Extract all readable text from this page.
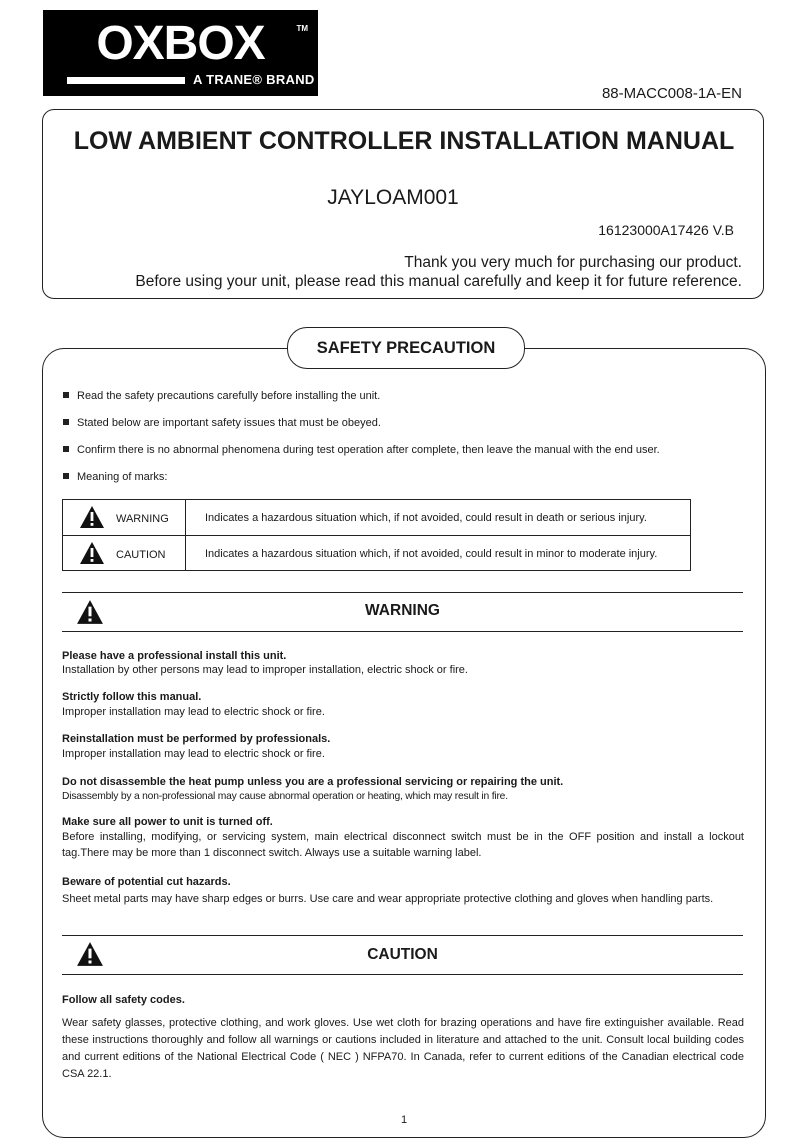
OXBOX	TM
A TRANE® BRAND
88-MACC008-1A-EN
LOW AMBIENT CONTROLLER INSTALLATION MANUAL
JAYLOAM001
16123000A17426 V.B
Thank you very much for purchasing our product.
Before using your unit, please read this manual carefully and keep it for future reference.
SAFETY PRECAUTION
Read the safety precautions carefully before installing the unit.
Stated below are important safety issues that must be obeyed.
Confirm there is no abnormal phenomena during test operation after complete, then leave the manual with the end user.
Meaning of marks:
WARNING	Indicates a hazardous situation which, if not avoided, could result in death or serious injury.
CAUTION	Indicates a hazardous situation which, if not avoided, could result in minor to moderate injury.
WARNING
Please have a professional install this unit.
Installation by other persons may lead to improper installation, electric shock or fire.
Strictly follow this manual.
Improper installation may lead to electric shock or fire.
Reinstallation must be performed by professionals.
Improper installation may lead to electric shock or fire.
Do not disassemble the heat pump unless you are a professional servicing or repairing the unit.
Disassembly by a non-professional may cause abnormal operation or heating, which may result in fire.
Make sure all power to unit is turned off.
Before installing, modifying, or servicing system, main electrical disconnect switch must be in the OFF position and install a lockout tag.There may be more than 1 disconnect switch. Always use a suitable warning label.
Beware of potential cut hazards.
Sheet metal parts may have sharp edges or burrs. Use care and wear appropriate protective clothing and gloves when handling parts.
CAUTION
Follow all safety codes.
Wear safety glasses, protective clothing, and work gloves. Use wet cloth for brazing operations and have fire extinguisher available. Read these instructions thoroughly and follow all warnings or cautions included in literature and attached to the unit. Consult local building codes and current editions of the National Electrical Code ( NEC ) NFPA70. In Canada, refer to current editions of the Canadian electrical code CSA 22.1.
1
